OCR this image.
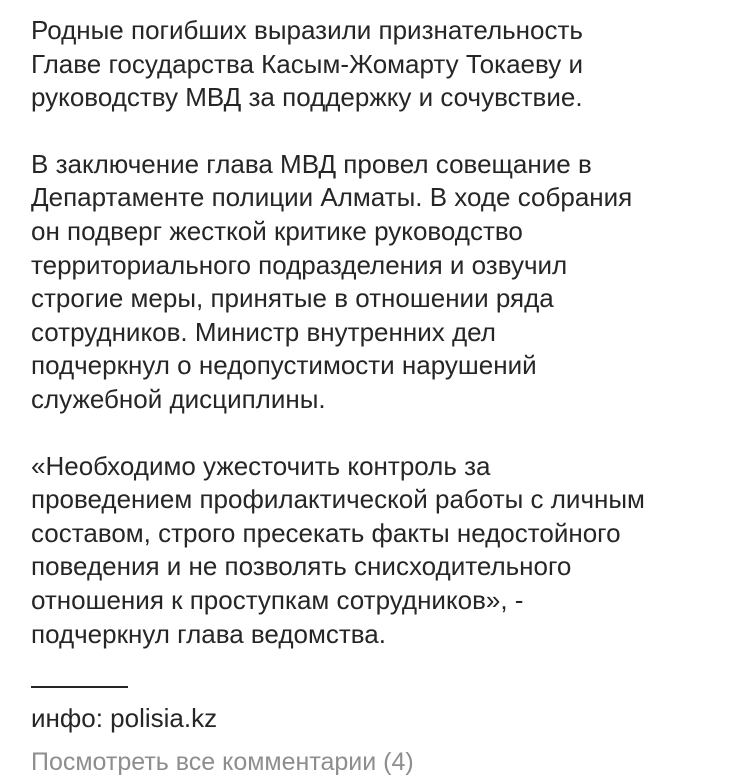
Родные погибших выразили признательность
Главе государства Касым-Жомарту Токаеву и
руководству МВД за поддержку и сочувствие.

В заключение глава МВД провел совещание в
Департаменте полиции Алматы. В ходе собрания
он подверг жесткой критике руководство
территориального подразделения и озвучил
строгие меры, принятые в отношении ряда
сотрудников. Министр внутренних дел
подчеркнул о недопустимости нарушений
служебной дисциплины.

«Необходимо ужесточить контроль за
проведением профилактической работы с личным
составом, строго пресекать факты недостойного
поведения и не позволять снисходительного
отношения к проступкам сотрудников», -
подчеркнул глава ведомства.

инфо: polisia.kz
Посмотреть все комментарии (4)
